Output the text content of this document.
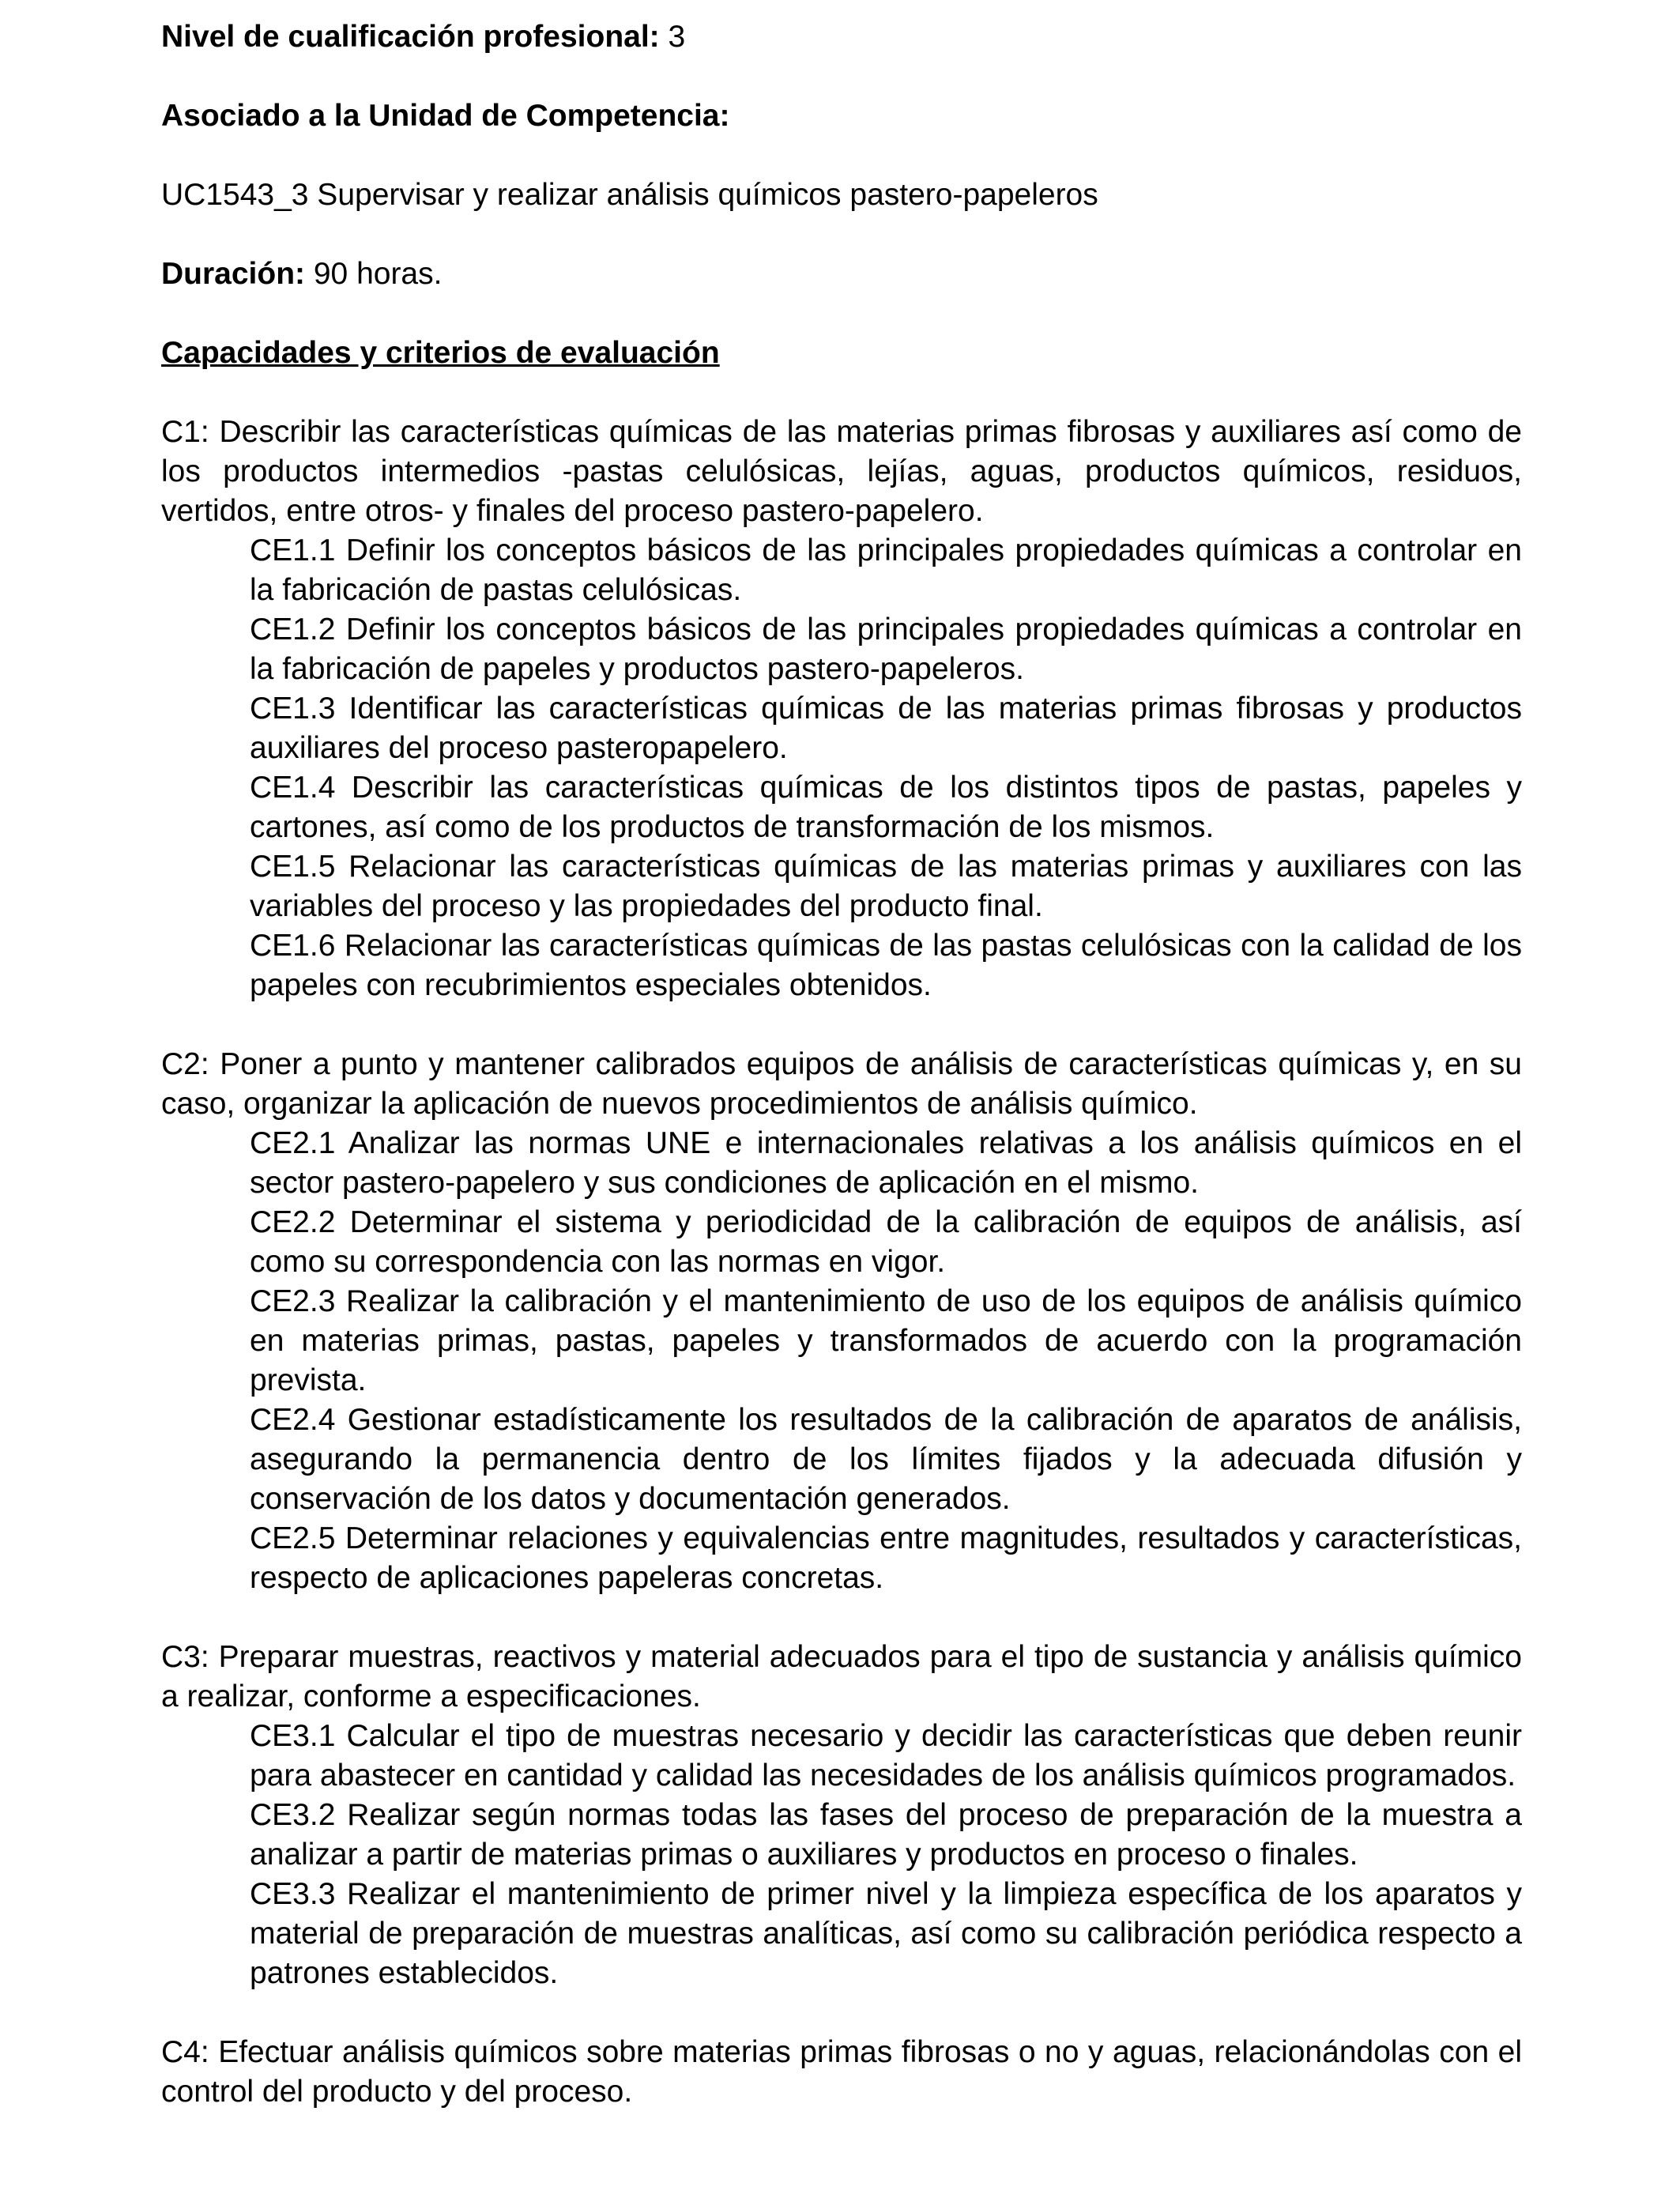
Nivel de cualificación profesional: 3

Asociado a la Unidad de Competencia:

UC1543_3 Supervisar y realizar análisis químicos pastero-papeleros

Duración: 90 horas.

Capacidades y criterios de evaluación

C1: Describir las características químicas de las materias primas fibrosas y auxiliares así como de los productos intermedios -pastas celulósicas, lejías, aguas, productos químicos, residuos, vertidos, entre otros- y finales del proceso pastero-papelero.

CE1.1 Definir los conceptos básicos de las principales propiedades químicas a controlar en la fabricación de pastas celulósicas.

CE1.2 Definir los conceptos básicos de las principales propiedades químicas a controlar en la fabricación de papeles y productos pastero-papeleros.

CE1.3 Identificar las características químicas de las materias primas fibrosas y productos auxiliares del proceso pasteropapelero.

CE1.4 Describir las características químicas de los distintos tipos de pastas, papeles y cartones, así como de los productos de transformación de los mismos.

CE1.5 Relacionar las características químicas de las materias primas y auxiliares con las variables del proceso y las propiedades del producto final.

CE1.6 Relacionar las características químicas de las pastas celulósicas con la calidad de los papeles con recubrimientos especiales obtenidos.

C2: Poner a punto y mantener calibrados equipos de análisis de características químicas y, en su caso, organizar la aplicación de nuevos procedimientos de análisis químico.

CE2.1 Analizar las normas UNE e internacionales relativas a los análisis químicos en el sector pastero-papelero y sus condiciones de aplicación en el mismo.

CE2.2 Determinar el sistema y periodicidad de la calibración de equipos de análisis, así como su correspondencia con las normas en vigor.

CE2.3 Realizar la calibración y el mantenimiento de uso de los equipos de análisis químico en materias primas, pastas, papeles y transformados de acuerdo con la programación prevista.

CE2.4 Gestionar estadísticamente los resultados de la calibración de aparatos de análisis, asegurando la permanencia dentro de los límites fijados y la adecuada difusión y conservación de los datos y documentación generados.

CE2.5 Determinar relaciones y equivalencias entre magnitudes, resultados y características, respecto de aplicaciones papeleras concretas.

C3: Preparar muestras, reactivos y material adecuados para el tipo de sustancia y análisis químico a realizar, conforme a especificaciones.

CE3.1 Calcular el tipo de muestras necesario y decidir las características que deben reunir para abastecer en cantidad y calidad las necesidades de los análisis químicos programados.

CE3.2 Realizar según normas todas las fases del proceso de preparación de la muestra a analizar a partir de materias primas o auxiliares y productos en proceso o finales.

CE3.3 Realizar el mantenimiento de primer nivel y la limpieza específica de los aparatos y material de preparación de muestras analíticas, así como su calibración periódica respecto a patrones establecidos.

C4: Efectuar análisis químicos sobre materias primas fibrosas o no y aguas, relacionándolas con el control del producto y del proceso.
